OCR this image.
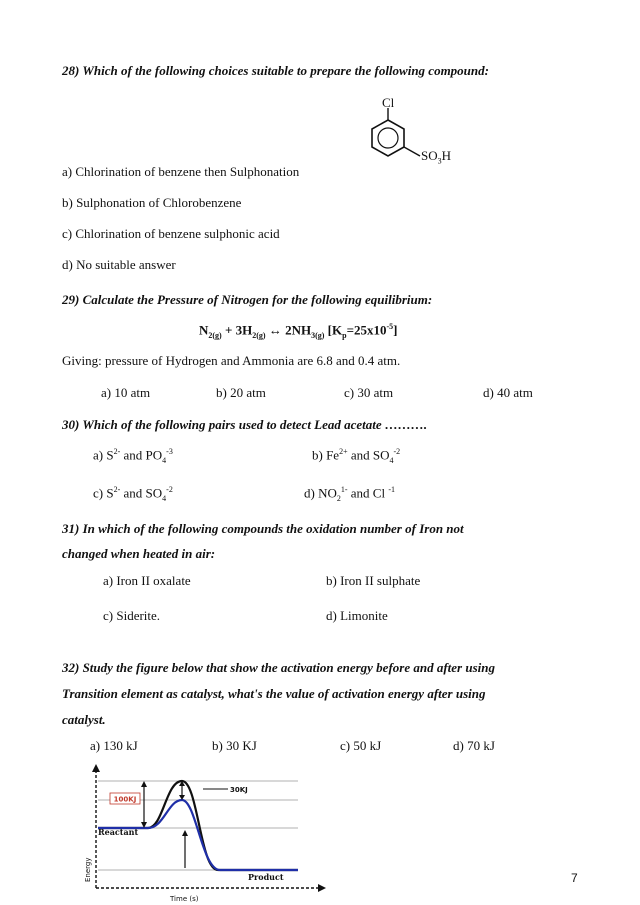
28) Which of the following choices suitable to prepare the following compound:
Cl
$SO_3H$
a) Chlorination of benzene then Sulphonation
b) Sulphonation of Chlorobenzene
c) Chlorination of benzene sulphonic acid
d) No suitable answer
29) Calculate the Pressure of Nitrogen for the following equilibrium:
$N_{2(g)} + 3H_{2(g)}$ ↔ $2NH_{3(g)}$ $[K_p=25x10^{-5}]$
Giving: pressure of Hydrogen and Ammonia are 6.8 and 0.4 atm.
a) 10 atm	b) 20 atm	c) 30 atm	d) 40 atm
30) Which of the following pairs used to detect Lead acetate ……….
a) $S^{2-}$ and $PO_4^{-3}$	b) $Fe^{2+}$ and $SO_4^{-2}$
c) $S^{2-}$ and $SO_4^{-2}$	d) $NO_2^{1-}$ and Cl $^{-1}$
31) In which of the following compounds the oxidation number of Iron not
changed when heated in air:
a) Iron II oxalate	b) Iron II sulphate
c) Siderite.	d) Limonite
32) Study the figure below that show the activation energy before and after using
Transition element as catalyst, what's the value of activation energy after using
catalyst.
a) 130 kJ	b) 30 KJ	c) 50 kJ	d) 70 kJ
100KJ
30KJ
Reactant
Product
Time (s)
Energy	7
